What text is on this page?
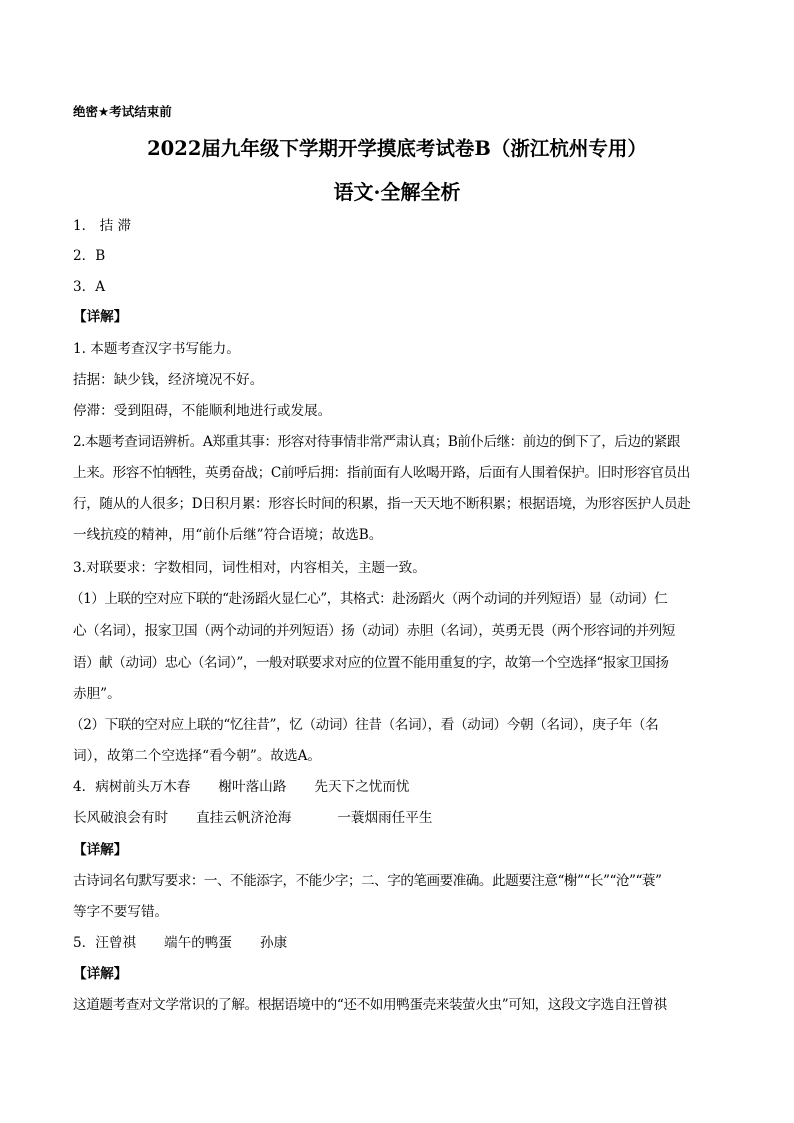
绝密★考试结束前
2022届九年级下学期开学摸底考试卷B（浙江杭州专用）
语文·全解全析
1． 拮 滞
2．B
3．A
【详解】
1. 本题考查汉字书写能力。
拮据：缺少钱，经济境况不好。
停滞：受到阻碍，不能顺利地进行或发展。
2.本题考查词语辨析。A郑重其事：形容对待事情非常严肃认真；B前仆后继：前边的倒下了，后边的紧跟
上来。形容不怕牺牲，英勇奋战；C前呼后拥：指前面有人吆喝开路，后面有人围着保护。旧时形容官员出
行，随从的人很多；D日积月累：形容长时间的积累，指一天天地不断积累；根据语境，为形容医护人员赴
一线抗疫的精神，用“前仆后继”符合语境；故选B。
3.对联要求：字数相同，词性相对，内容相关，主题一致。
（1）上联的空对应下联的“赴汤蹈火显仁心”，其格式：赴汤蹈火（两个动词的并列短语）显（动词）仁
心（名词），报家卫国（两个动词的并列短语）扬（动词）赤胆（名词），英勇无畏（两个形容词的并列短
语）献（动词）忠心（名词）”，一般对联要求对应的位置不能用重复的字，故第一个空选择“报家卫国扬
赤胆”。
（2）下联的空对应上联的“忆往昔”，忆（动词）往昔（名词），看（动词）今朝（名词），庚子年（名
词），故第二个空选择“看今朝”。故选A。
4．病树前头万木春 榭叶落山路 先天下之忧而忧
长风破浪会有时 直挂云帆济沧海	一蓑烟雨任平生
【详解】
古诗词名句默写要求：一、不能添字，不能少字；二、字的笔画要准确。此题要注意“榭”“长”“沧”“蓑”
等字不要写错。
5．汪曾祺 端午的鸭蛋 孙康
【详解】
这道题考查对文学常识的了解。根据语境中的“还不如用鸭蛋壳来装萤火虫”可知，这段文字选自汪曾祺
